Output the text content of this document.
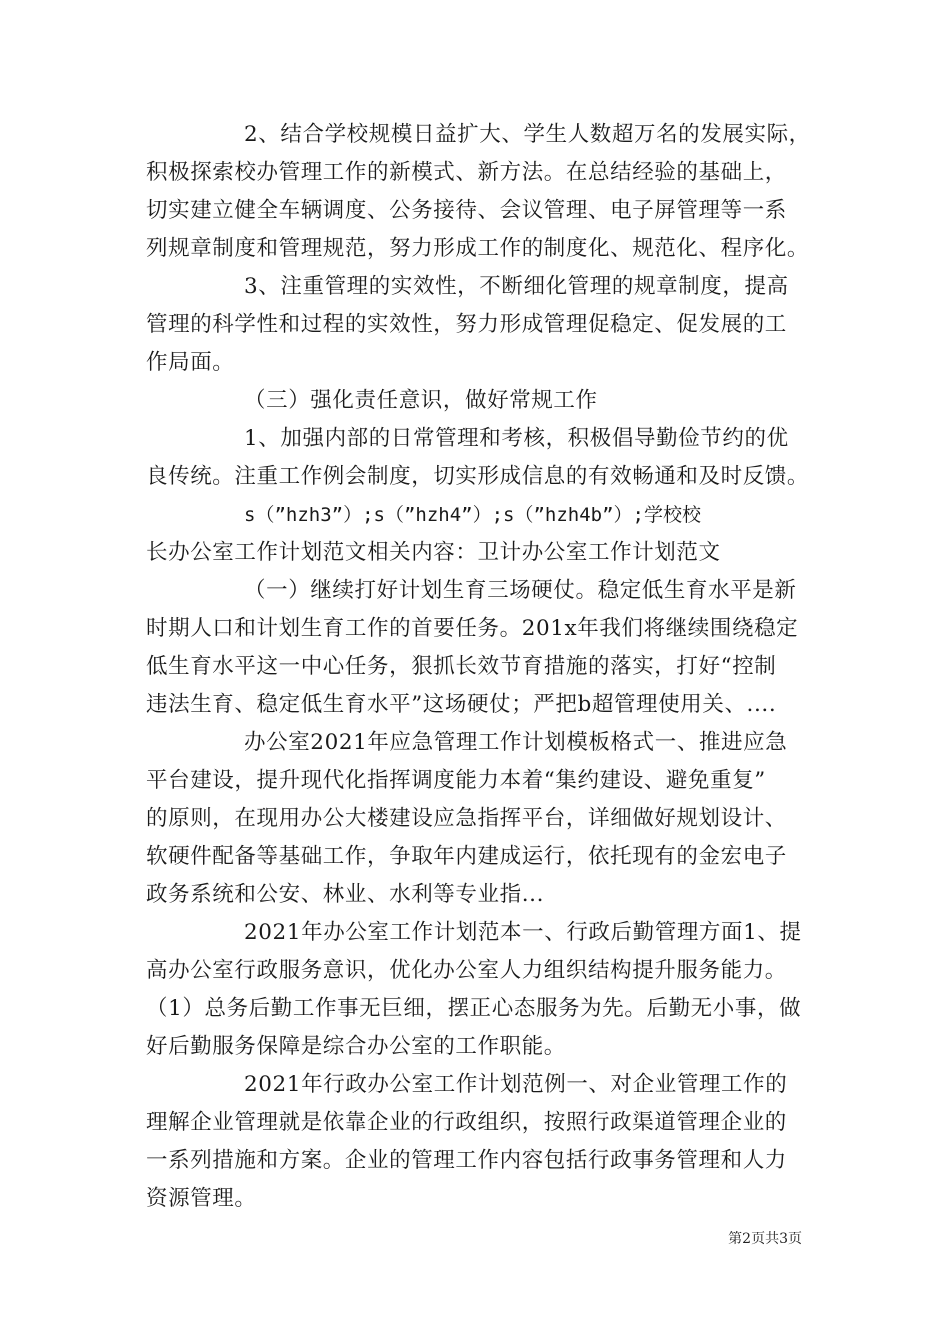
2、结合学校规模日益扩大、学生人数超万名的发展实际，
积极探索校办管理工作的新模式、新方法。在总结经验的基础上，
切实建立健全车辆调度、公务接待、会议管理、电子屏管理等一系
列规章制度和管理规范，努力形成工作的制度化、规范化、程序化。
3、注重管理的实效性，不断细化管理的规章制度，提高
管理的科学性和过程的实效性，努力形成管理促稳定、促发展的工
作局面。
（三）强化责任意识，做好常规工作
1、加强内部的日常管理和考核，积极倡导勤俭节约的优
良传统。注重工作例会制度，切实形成信息的有效畅通和及时反馈。
s（”hzh3”）;s（”hzh4”）;s（”hzh4b”）;学校校
长办公室工作计划范文相关内容：卫计办公室工作计划范文
（一）继续打好计划生育三场硬仗。稳定低生育水平是新
时期人口和计划生育工作的首要任务。201x年我们将继续围绕稳定
低生育水平这一中心任务，狠抓长效节育措施的落实，打好“控制
违法生育、稳定低生育水平”这场硬仗；严把b超管理使用关、....
办公室2021年应急管理工作计划模板格式一、推进应急
平台建设，提升现代化指挥调度能力本着“集约建设、避免重复”
的原则，在现用办公大楼建设应急指挥平台，详细做好规划设计、
软硬件配备等基础工作，争取年内建成运行，依托现有的金宏电子
政务系统和公安、林业、水利等专业指...
2021年办公室工作计划范本一、行政后勤管理方面1、提
高办公室行政服务意识，优化办公室人力组织结构提升服务能力。
（1）总务后勤工作事无巨细，摆正心态服务为先。后勤无小事，做
好后勤服务保障是综合办公室的工作职能。
2021年行政办公室工作计划范例一、对企业管理工作的
理解企业管理就是依靠企业的行政组织，按照行政渠道管理企业的
一系列措施和方案。企业的管理工作内容包括行政事务管理和人力
资源管理。
第2页共3页
